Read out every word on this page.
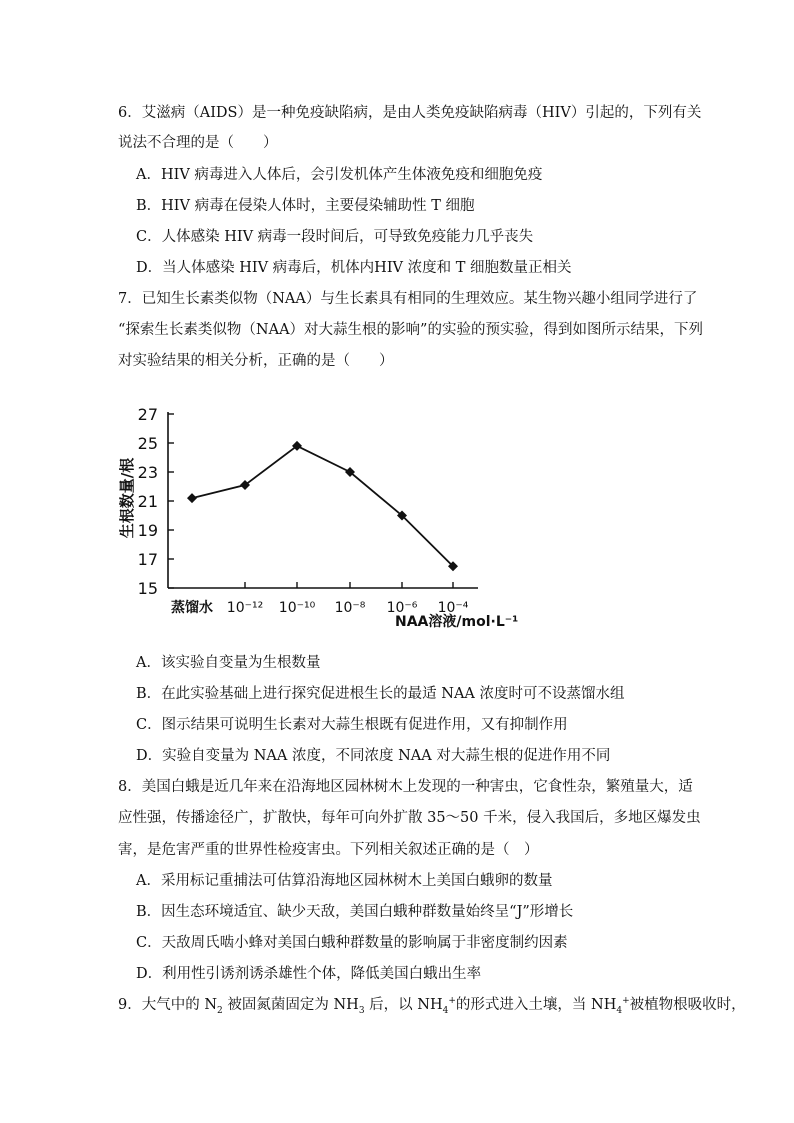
6．艾滋病（AIDS）是一种免疫缺陷病，是由人类免疫缺陷病毒（HIV）引起的，下列有关
说法不合理的是（　　）
A．HIV 病毒进入人体后，会引发机体产生体液免疫和细胞免疫
B．HIV 病毒在侵染人体时，主要侵染辅助性 T 细胞
C．人体感染 HIV 病毒一段时间后，可导致免疫能力几乎丧失
D．当人体感染 HIV 病毒后，机体内HIV 浓度和 T 细胞数量正相关
7．已知生长素类似物（NAA）与生长素具有相同的生理效应。某生物兴趣小组同学进行了
“探索生长素类似物（NAA）对大蒜生根的影响”的实验的预实验，得到如图所示结果，下列
对实验结果的相关分析，正确的是（　　）
15
17
19
21
23
25
27
蒸馏水 10⁻¹² 10⁻¹⁰ 10⁻⁸ 10⁻⁶ 10⁻⁴
生根数量/根
NAA溶液/mol·L⁻¹
A．该实验自变量为生根数量
B．在此实验基础上进行探究促进根生长的最适 NAA 浓度时可不设蒸馏水组
C．图示结果可说明生长素对大蒜生根既有促进作用，又有抑制作用
D．实验自变量为 NAA 浓度，不同浓度 NAA 对大蒜生根的促进作用不同
8．美国白蛾是近几年来在沿海地区园林树木上发现的一种害虫，它食性杂，繁殖量大，适
应性强，传播途径广，扩散快，每年可向外扩散 35～50 千米，侵入我国后，多地区爆发虫
害，是危害严重的世界性检疫害虫。下列相关叙述正确的是（　）
A．采用标记重捕法可估算沿海地区园林树木上美国白蛾卵的数量
B．因生态环境适宜、缺少天敌，美国白蛾种群数量始终呈“J”形增长
C．天敌周氏啮小蜂对美国白蛾种群数量的影响属于非密度制约因素
D．利用性引诱剂诱杀雄性个体，降低美国白蛾出生率
9．大气中的 $N_2$ 被固氮菌固定为 $NH_3$ 后，以 $NH_4^+$的形式进入土壤，当 $NH_4^+$被植物根吸收时，
